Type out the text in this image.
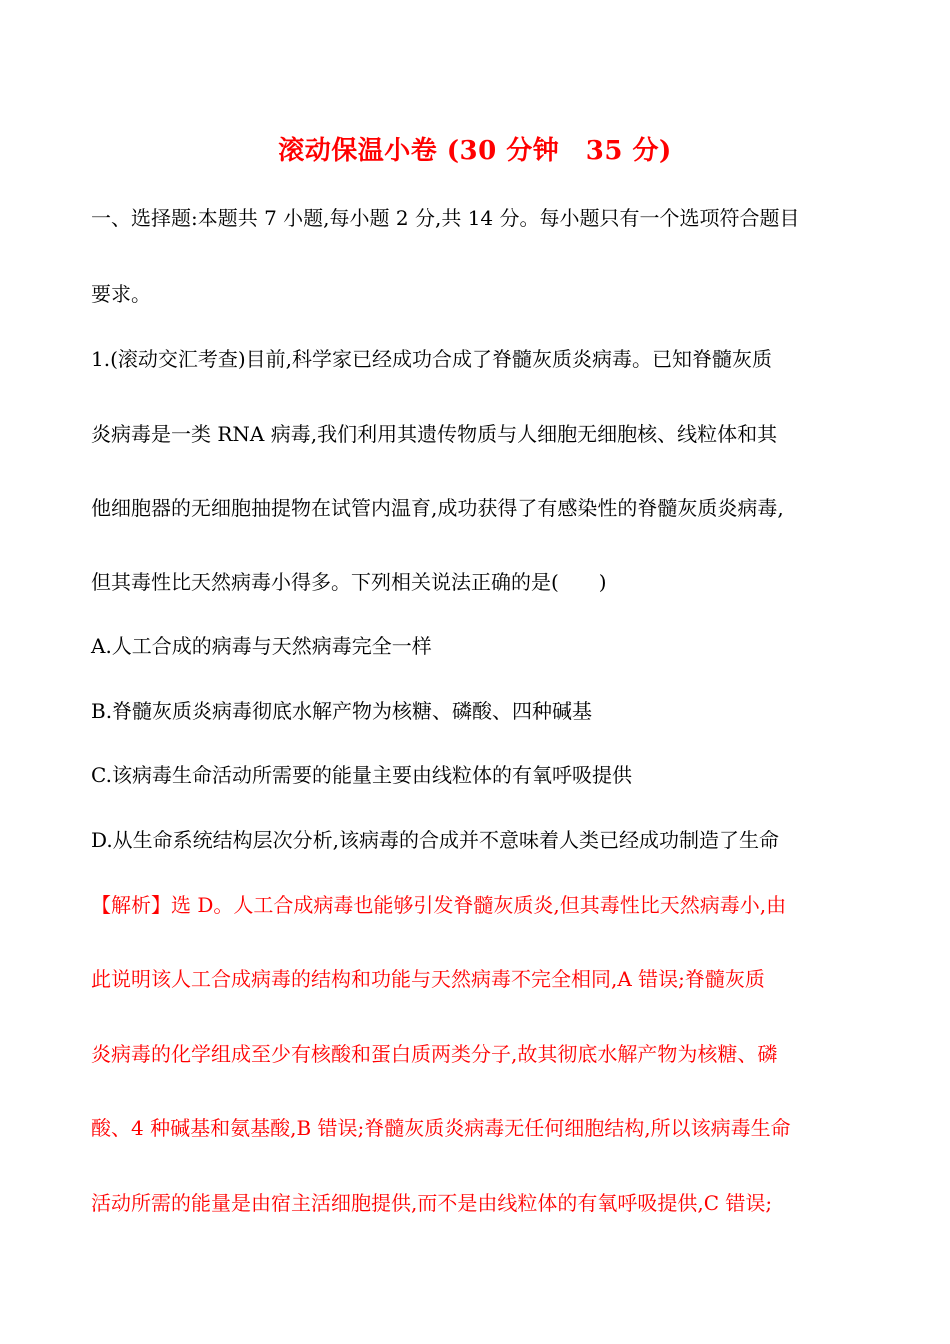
滚动保温小卷 (30 分钟　35 分)
一、选择题:本题共 7 小题,每小题 2 分,共 14 分。每小题只有一个选项符合题目
要求。
1.(滚动交汇考查)目前,科学家已经成功合成了脊髓灰质炎病毒。已知脊髓灰质
炎病毒是一类 RNA 病毒,我们利用其遗传物质与人细胞无细胞核、线粒体和其
他细胞器的无细胞抽提物在试管内温育,成功获得了有感染性的脊髓灰质炎病毒,
但其毒性比天然病毒小得多。下列相关说法正确的是(　　)
A.人工合成的病毒与天然病毒完全一样
B.脊髓灰质炎病毒彻底水解产物为核糖、磷酸、四种碱基
C.该病毒生命活动所需要的能量主要由线粒体的有氧呼吸提供
D.从生命系统结构层次分析,该病毒的合成并不意味着人类已经成功制造了生命
【解析】选 D。人工合成病毒也能够引发脊髓灰质炎,但其毒性比天然病毒小,由
此说明该人工合成病毒的结构和功能与天然病毒不完全相同,A 错误;脊髓灰质
炎病毒的化学组成至少有核酸和蛋白质两类分子,故其彻底水解产物为核糖、磷
酸、4 种碱基和氨基酸,B 错误;脊髓灰质炎病毒无任何细胞结构,所以该病毒生命
活动所需的能量是由宿主活细胞提供,而不是由线粒体的有氧呼吸提供,C 错误;
